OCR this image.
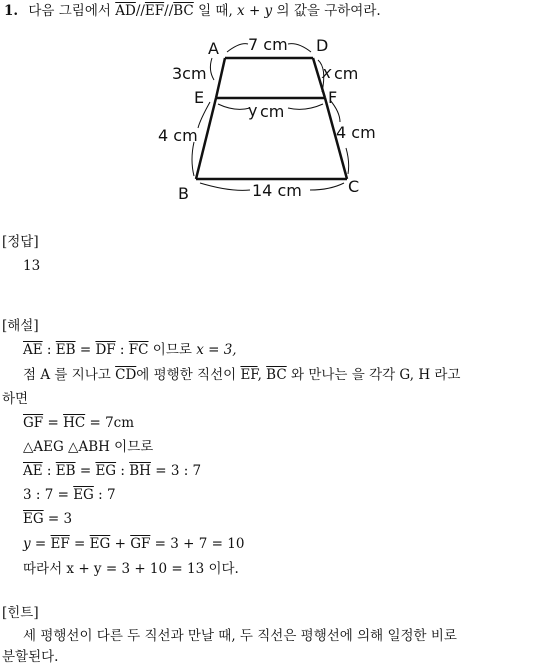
1. 다음 그림에서 $\overline{AD}//\overline{EF}//\overline{BC}$ 일 때, x + y 의 값을 구하여라.
A	D
E	F
B	C
7 cm
3cm	x cm
y cm
4 cm	4 cm
14 cm
[정답]
13
[해설]
$\overline{AE}$ : $\overline{EB} = \overline{DF}$ : $\overline{FC}$ 이므로 x = 3,
점 A 를 지나고 $\overline{CD}$에 평행한 직선이 $\overline{EF}$, $\overline{BC}$ 와 만나는 을 각각 G, H 라고
하면
$\overline{GF} = \overline{HC} = 7cm$
△AEG △ABH 이므로
$\overline{AE}$ : $\overline{EB} = \overline{EG}$ : $\overline{BH} = 3$ : 7
3 : $7 = \overline{EG}$ : 7
$\overline{EG} = 3$
$y = \overline{EF} = \overline{EG} + \overline{GF} = 3 + 7 = 10$
따라서 x + y = 3 + 10 = 13 이다.
[힌트]
세 평행선이 다른 두 직선과 만날 때, 두 직선은 평행선에 의해 일정한 비로
분할된다.
